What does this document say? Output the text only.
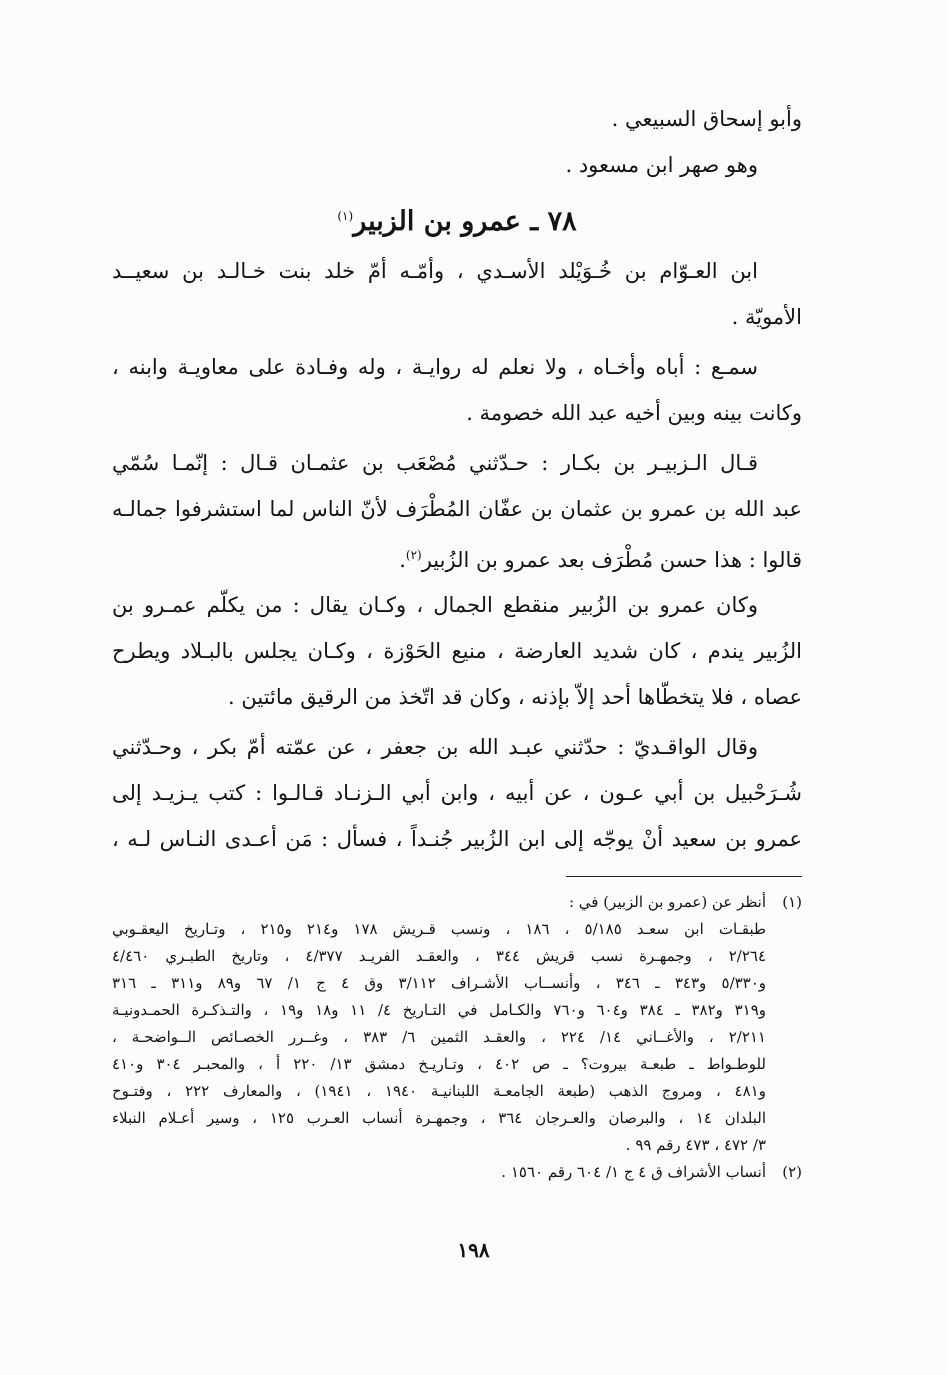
وأبو إسحاق السبيعي .
وهو صهر ابن مسعود .
٧٨ ـ عمرو بن الزبير$^{(١)}$
ابن العـوّام بن خُـوَيْلد الأسـدي ، وأمّـه أمّ خلد بنت خـالـد بن سعيــد
الأمويّة .
سمـع : أباه وأخـاه ، ولا نعلم له روايـة ، وله وفـادة على معاويـة وابنه ،
وكانت بينه وبين أخيه عبد الله خصومة .
قـال الـزبيـر بن بكـار : حـدّثني مُصْعَب بن عثمـان قـال : إنّمـا سُمّي
عبد الله بن عمرو بن عثمان بن عفّان المُطْرَف لأنّ الناس لما استشرفوا جمالـه
قالوا : هذا حسن مُطْرَف بعد عمرو بن الزُبير$^{(٢)}$.
وكان عمرو بن الزُبير منقطع الجمال ، وكـان يقال : من يكلّم عمـرو بن
الزُبير يندم ، كان شديد العارضة ، منيع الحَوْزة ، وكـان يجلس بالبـلاد ويطرح
عصاه ، فلا يتخطّاها أحد إلاّ بإذنه ، وكان قد اتّخذ من الرقيق مائتين .
وقال الواقـديّ : حدّثني عبـد الله بن جعفر ، عن عمّته أمّ بكر ، وحـدّثني
شُـرَحْبيل بن أبي عـون ، عن أبيه ، وابن أبي الـزنـاد قـالـوا : كتب يـزيـد إلى
عمرو بن سعيد أنْ يوجّه إلى ابن الزُبير جُنـداً ، فسأل : مَن أعـدى النـاس لـه ،
(١)
أنظر عن (عمرو بن الزبير) في :
طبقـات ابن سعـد ٥/١٨٥ ، ١٨٦ ، ونسب قـريش ١٧٨ و٢١٤ و٢١٥ ، وتـاريخ اليعقـوبي
٢/٢٦٤ ، وجمهـرة نسب قريش ٣٤٤ ، والعقـد الفريـد ٤/٣٧٧ ، وتاريخ الطبـري ٤/٤٦٠
و٥/٣٣٠ و٣٤٣ ـ ٣٤٦ ، وأنســاب الأشـراف ٣/١١٢ وق ٤ ج ١/ ٦٧ و٨٩ و٣١١ ـ ٣١٦
و٣١٩ و٣٨٢ ـ ٣٨٤ و٦٠٤ و٧٦٠ والكـامل في التـاريخ ٤/ ١١ و١٨ و١٩ ، والتـذكـرة الحمـدونيـة
٢/٢١١ ، والأغــاني ١٤/ ٢٢٤ ، والعقـد الثمين ٦/ ٣٨٣ ، وغــرر الخصـائص الــواضحـة ،
للوطـواط ـ طبعـة بيروت؟ ـ ص ٤٠٢ ، وتـاريـخ دمشق ١٣/ ٢٢٠ أ ، والمحبـر ٣٠٤ و٤١٠
و٤٨١ ، ومروج الذهب (طبعة الجامعـة اللبنانيـة ١٩٤٠ ، ١٩٤١) ، والمعارف ٢٢٢ ، وفتـوح
البلدان ١٤ ، والبرصان والعـرجان ٣٦٤ ، وجمهـرة أنساب العـرب ١٢٥ ، وسير أعـلام النبلاء
٣/ ٤٧٢ ، ٤٧٣ رقم ٩٩ .
(٢)
أنساب الأشراف ق ٤ ج ١/ ٦٠٤ رقم ١٥٦٠ .
١٩٨
